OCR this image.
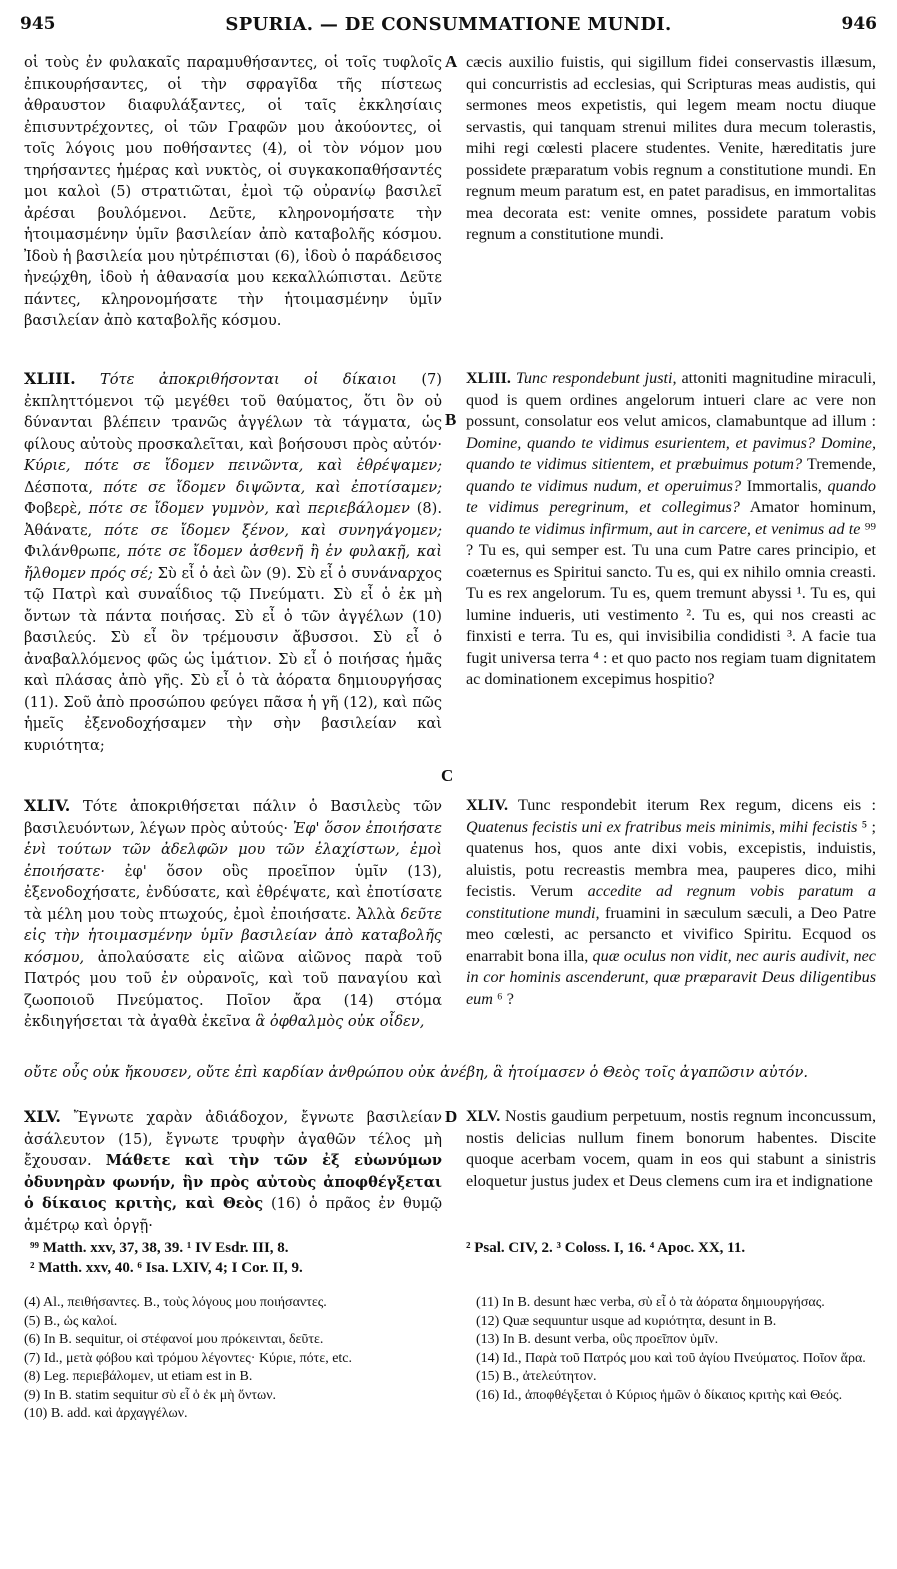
945	SPURIA. — DE CONSUMMATIONE MUNDI.	946
A
B
C
D

οἱ τοὺς ἐν φυλακαῖς παραμυθήσαντες, οἱ τοῖς τυφλοῖς ἐπικουρήσαντες, οἱ τὴν σφραγῖδα τῆς πίστεως ἀθραυστον διαφυλάξαντες, οἱ ταῖς ἐκκλησίαις ἐπισυντρέχοντες, οἱ τῶν Γραφῶν μου ἀκούοντες, οἱ τοῖς λόγοις μου ποθήσαντες (4), οἱ τὸν νόμον μου τηρήσαντες ἡμέρας καὶ νυκτὸς, οἱ συγκακοπαθήσαντές μοι καλοὶ (5) στρατιῶται, ἐμοὶ τῷ οὐρανίῳ βασιλεῖ ἀρέσαι βουλόμενοι. Δεῦτε, κληρονομήσατε τὴν ἡτοιμασμένην ὑμῖν βασιλείαν ἀπὸ καταβολῆς κόσμου. Ἰδοὺ ἡ βασιλεία μου ηὐτρέπισται (6), ἰδοὺ ὁ παράδεισος ἠνεῴχθη, ἰδοὺ ἡ ἀθανασία μου κεκαλλώπισται. Δεῦτε πάντες, κληρονομήσατε τὴν ἡτοιμασμένην ὑμῖν βασιλείαν ἀπὸ καταβολῆς κόσμου.

XLIII. Τότε ἀποκριθήσονται οἱ δίκαιοι (7) ἐκπληττόμενοι τῷ μεγέθει τοῦ θαύματος, ὅτι ὃν οὐ δύνανται βλέπειν τρανῶς ἀγγέλων τὰ τάγματα, ὡς φίλους αὐτοὺς προσκαλεῖται, καὶ βοήσουσι πρὸς αὐτόν· Κύριε, πότε σε ἴδομεν πεινῶντα, καὶ ἐθρέψαμεν; Δέσποτα, πότε σε ἴδομεν διψῶντα, καὶ ἐποτίσαμεν; Φοβερὲ, πότε σε ἴδομεν γυμνὸν, καὶ περιεβάλομεν (8). Ἀθάνατε, πότε σε ἴδομεν ξένον, καὶ συνηγάγομεν; Φιλάνθρωπε, πότε σε ἴδομεν ἀσθενῆ ἢ ἐν φυλακῇ, καὶ ἤλθομεν πρός σέ; Σὺ εἶ ὁ ἀεὶ ὢν (9). Σὺ εἶ ὁ συνάναρχος τῷ Πατρὶ καὶ συναΐδιος τῷ Πνεύματι. Σὺ εἶ ὁ ἐκ μὴ ὄντων τὰ πάντα ποιήσας. Σὺ εἶ ὁ τῶν ἀγγέλων (10) βασιλεύς. Σὺ εἶ ὃν τρέμουσιν ἄβυσσοι. Σὺ εἶ ὁ ἀναβαλλόμενος φῶς ὡς ἱμάτιον. Σὺ εἶ ὁ ποιήσας ἡμᾶς καὶ πλάσας ἀπὸ γῆς. Σὺ εἶ ὁ τὰ ἀόρατα δημιουργήσας (11). Σοῦ ἀπὸ προσώπου φεύγει πᾶσα ἡ γῆ (12), καὶ πῶς ἡμεῖς ἐξενοδοχήσαμεν τὴν σὴν βασιλείαν καὶ κυριότητα;

XLIV. Τότε ἀποκριθήσεται πάλιν ὁ Βασιλεὺς τῶν βασιλευόντων, λέγων πρὸς αὐτούς· Ἐφ' ὅσον ἐποιήσατε ἑνὶ τούτων τῶν ἀδελφῶν μου τῶν ἐλαχίστων, ἐμοὶ ἐποιήσατε· ἐφ' ὅσον οὓς προεῖπον ὑμῖν (13), ἐξενοδοχήσατε, ἐνδύσατε, καὶ ἐθρέψατε, καὶ ἐποτίσατε τὰ μέλη μου τοὺς πτωχούς, ἐμοὶ ἐποιήσατε. Ἀλλὰ δεῦτε εἰς τὴν ἡτοιμασμένην ὑμῖν βασιλείαν ἀπὸ καταβολῆς κόσμου, ἀπολαύσατε εἰς αἰῶνα αἰῶνος παρὰ τοῦ Πατρός μου τοῦ ἐν οὐρανοῖς, καὶ τοῦ παναγίου καὶ ζωοποιοῦ Πνεύματος. Ποῖον ἄρα (14) στόμα ἐκδιηγήσεται τὰ ἀγαθὰ ἐκεῖνα ἃ ὀφθαλμὸς οὐκ οἶδεν,

οὔτε οὖς οὐκ ἤκουσεν, οὔτε ἐπὶ καρδίαν ἀνθρώπου οὐκ ἀνέβη, ἃ ἡτοίμασεν ὁ Θεὸς τοῖς ἀγαπῶσιν αὐτόν.

XLV. Ἔγνωτε χαρὰν ἀδιάδοχον, ἔγνωτε βασιλείαν ἀσάλευτον (15), ἔγνωτε τρυφὴν ἀγαθῶν τέλος μὴ ἔχουσαν. Μάθετε καὶ τὴν τῶν ἐξ εὐωνύμων ὀδυνηρὰν φωνήν, ἣν πρὸς αὐτοὺς ἀποφθέγξεται ὁ δίκαιος κριτὴς, καὶ Θεὸς (16) ὁ πρᾶος ἐν θυμῷ ἀμέτρῳ καὶ ὀργῇ·

cæcis auxilio fuistis, qui sigillum fidei conservastis illæsum, qui concurristis ad ecclesias, qui Scripturas meas audistis, qui sermones meos expetistis, qui legem meam noctu diuque servastis, qui tanquam strenui milites dura mecum tolerastis, mihi regi cœlesti placere studentes. Venite, hæreditatis jure possidete præparatum vobis regnum a constitutione mundi. En regnum meum paratum est, en patet paradisus, en immortalitas mea decorata est: venite omnes, possidete paratum vobis regnum a constitutione mundi.

XLIII. Tunc respondebunt justi, attoniti magnitudine miraculi, quod is quem ordines angelorum intueri clare ac vere non possunt, consolatur eos velut amicos, clamabuntque ad illum : Domine, quando te vidimus esurientem, et pavimus? Domine, quando te vidimus sitientem, et præbuimus potum? Tremende, quando te vidimus nudum, et operuimus? Immortalis, quando te vidimus peregrinum, et collegimus? Amator hominum, quando te vidimus infirmum, aut in carcere, et venimus ad te ⁹⁹ ? Tu es, qui semper est. Tu una cum Patre cares principio, et coæternus es Spiritui sancto. Tu es, qui ex nihilo omnia creasti. Tu es rex angelorum. Tu es, quem tremunt abyssi ¹. Tu es, qui lumine indueris, uti vestimento ². Tu es, qui nos creasti ac finxisti e terra. Tu es, qui invisibilia condidisti ³. A facie tua fugit universa terra ⁴ : et quo pacto nos regiam tuam dignitatem ac dominationem excepimus hospitio?

XLIV. Tunc respondebit iterum Rex regum, dicens eis : Quatenus fecistis uni ex fratribus meis minimis, mihi fecistis ⁵ ; quatenus hos, quos ante dixi vobis, excepistis, induistis, aluistis, potu recreastis membra mea, pauperes dico, mihi fecistis. Verum accedite ad regnum vobis paratum a constitutione mundi, fruamini in sæculum sæculi, a Deo Patre meo cœlesti, ac persancto et vivifico Spiritu. Ecquod os enarrabit bona illa, quæ oculus non vidit, nec auris audivit, nec in cor hominis ascenderunt, quæ præparavit Deus diligentibus eum ⁶ ?

XLV. Nostis gaudium perpetuum, nostis regnum inconcussum, nostis delicias nullum finem bonorum habentes. Discite quoque acerbam vocem, quam in eos qui stabunt a sinistris eloquetur justus judex et Deus clemens cum ira et indignatione

⁹⁹ Matth. xxv, 37, 38, 39. ¹ IV Esdr. III, 8.
² Matth. xxv, 40. ⁶ Isa. LXIV, 4; I Cor. II, 9.
² Psal. CIV, 2. ³ Coloss. I, 16. ⁴ Apoc. XX, 11.

(4) Al., πειθήσαντες. B., τοὺς λόγους μου ποιήσαντες.

(5) B., ὡς καλοί.

(6) In B. sequitur, οἱ στέφανοί μου πρόκεινται, δεῦτε.

(7) Id., μετὰ φόβου καὶ τρόμου λέγοντες· Κύριε, πότε, etc.

(8) Leg. περιεβάλομεν, ut etiam est in B.

(9) In B. statim sequitur σὺ εἶ ὁ ἐκ μὴ ὄντων.

(10) B. add. καὶ ἀρχαγγέλων.

(11) In B. desunt hæc verba, σὺ εἶ ὁ τὰ ἀόρατα δημιουργήσας.

(12) Quæ sequuntur usque ad κυριότητα, desunt in B.

(13) In B. desunt verba, οὓς προεῖπον ὑμῖν.

(14) Id., Παρὰ τοῦ Πατρός μου καὶ τοῦ ἁγίου Πνεύματος. Ποῖον ἄρα.

(15) B., ἀτελεύτητον.

(16) Id., ἀποφθέγξεται ὁ Κύριος ἡμῶν ὁ δίκαιος κριτὴς καὶ Θεός.
